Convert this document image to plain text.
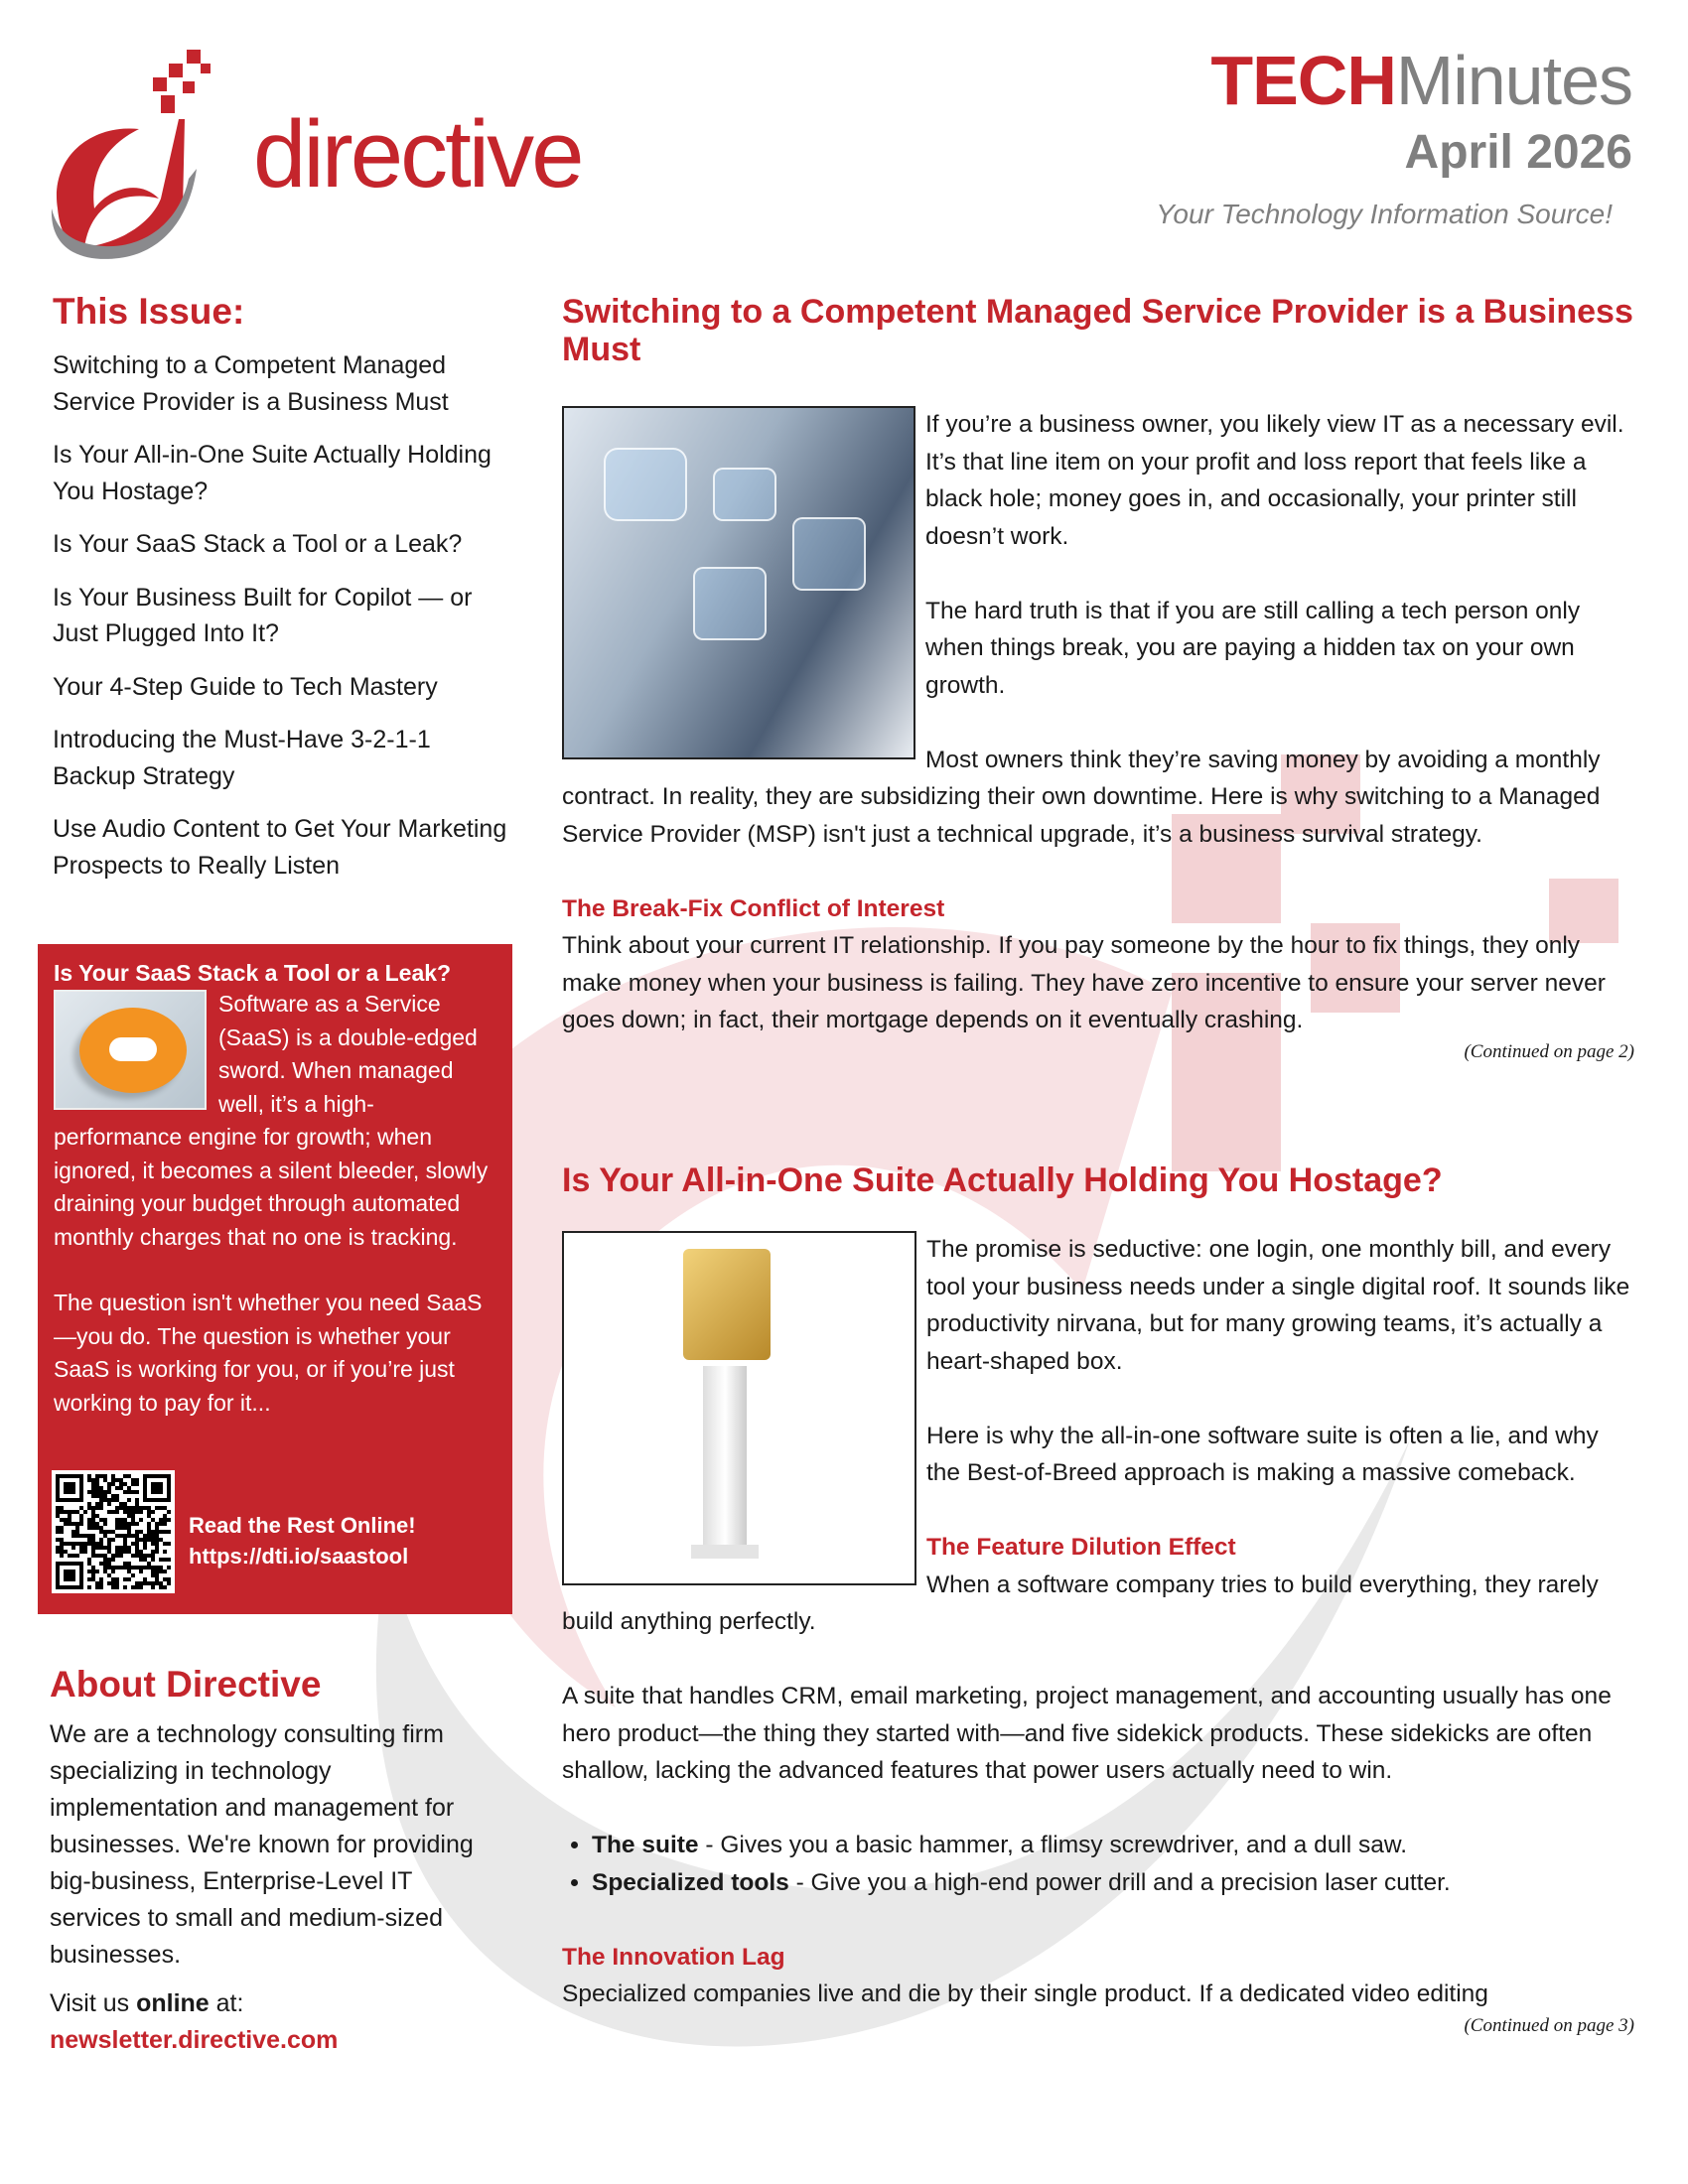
directive
TECHMinutes
April 2026
Your Technology Information Source!
This Issue:
Switching to a Competent Managed Service Provider is a Business Must
Is Your All-in-One Suite Actually Holding You Hostage?
Is Your SaaS Stack a Tool or a Leak?
Is Your Business Built for Copilot — or Just Plugged Into It?
Your 4-Step Guide to Tech Mastery
Introducing the Must-Have 3-2-1-1 Backup Strategy
Use Audio Content to Get Your Marketing Prospects to Really Listen
Is Your SaaS Stack a Tool or a Leak?

Software as a Service (SaaS) is a double-edged sword. When managed well, it’s a high-performance engine for growth; when ignored, it becomes a silent bleeder, slowly draining your budget through automated monthly charges that no one is tracking.

The question isn't whether you need SaaS—you do. The question is whether your SaaS is working for you, or if you’re just working to pay for it...

Read the Rest Online!
https://dti.io/saastool
About Directive

We are a technology consulting firm specializing in technology implementation and management for businesses. We're known for providing big-business, Enterprise-Level IT services to small and medium-sized businesses.

Visit us online at:

newsletter.directive.com
Switching to a Competent Managed Service Provider is a Business Must

If you’re a business owner, you likely view IT as a necessary evil. It’s that line item on your profit and loss report that feels like a black hole; money goes in, and occasionally, your printer still doesn’t work.

The hard truth is that if you are still calling a tech person only when things break, you are paying a hidden tax on your own growth.

Most owners think they’re saving money by avoiding a monthly contract. In reality, they are subsidizing their own downtime. Here is why switching to a Managed Service Provider (MSP) isn't just a technical upgrade, it’s a business survival strategy.

The Break-Fix Conflict of Interest

Think about your current IT relationship. If you pay someone by the hour to fix things, they only make money when your business is failing. They have zero incentive to ensure your server never goes down; in fact, their mortgage depends on it eventually crashing.

(Continued on page 2)
Is Your All-in-One Suite Actually Holding You Hostage?

The promise is seductive: one login, one monthly bill, and every tool your business needs under a single digital roof. It sounds like productivity nirvana, but for many growing teams, it’s actually a heart-shaped box.

Here is why the all-in-one software suite is often a lie, and why the Best-of-Breed approach is making a massive comeback.

The Feature Dilution Effect

When a software company tries to build everything, they rarely build anything perfectly.

A suite that handles CRM, email marketing, project management, and accounting usually has one hero product—the thing they started with—and five sidekick products. These sidekicks are often shallow, lacking the advanced features that power users actually need to win.

• The suite - Gives you a basic hammer, a flimsy screwdriver, and a dull saw.
• Specialized tools - Give you a high-end power drill and a precision laser cutter.
The Innovation Lag

Specialized companies live and die by their single product. If a dedicated video editing

(Continued on page 3)
